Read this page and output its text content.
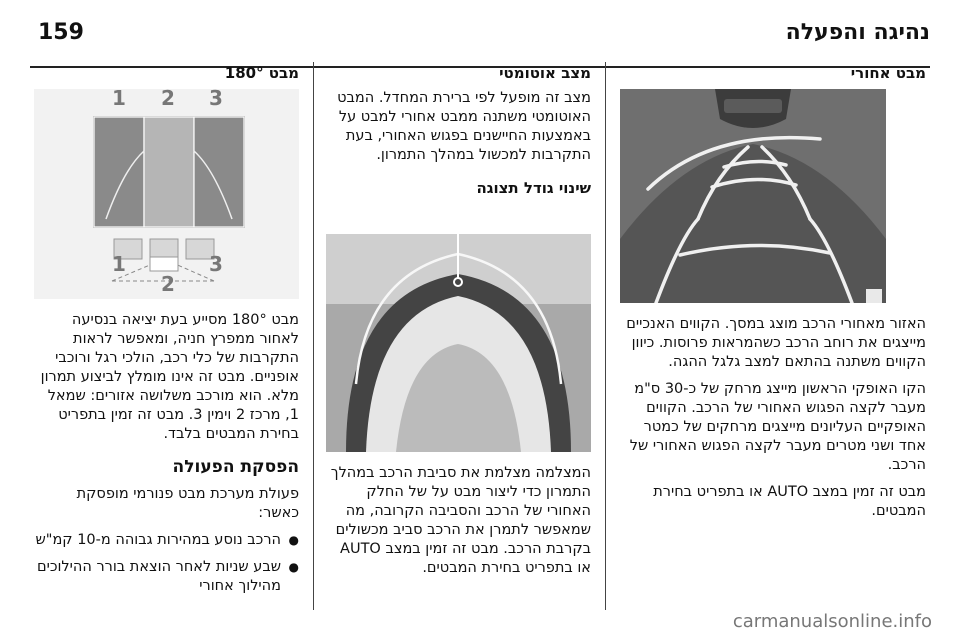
159	נהיגה והפעלה
מבט אחורי

האזור מאחורי הרכב מוצג במסך. הקווים האנכיים מייצגים את רוחב הרכב כשהמראות פרוסות. כיוון הקווים משתנה בהתאם למצב גלגל ההגה.

הקו האופקי הראשון מייצג מרחק של כ-30 ס"מ מעבר לקצה הפגוש האחורי של הרכב. הקווים האופקיים העליונים מייצגים מרחקים של כמטר אחד ושני מטרים מעבר לקצה הפגוש האחורי של הרכב.

מבט זה זמין במצב AUTO או בתפריט בחירת המבטים.

מצב אוטומטי

מצב זה מופעל לפי ברירת המחדל. המבט האוטומטי משתנה ממבט אחורי למבט על באמצעות החיישנים בפגוש האחורי, בעת התקרבות למכשול במהלך התמרון.

שינוי גודל תצוגה

המצלמה מצלמת את סביבת הרכב במהלך התמרון כדי ליצור מבט על של החלק האחורי של הרכב והסביבה הקרובה, מה שמאפשר לתמרן את הרכב סביב מכשולים בקרבת הרכב. מבט זה זמין במצב AUTO או בתפריט בחירת המבטים.

מבט 180°
1 2 3
1
2
3

מבט 180° מסייע בעת יציאה בנסיעה לאחור ממפרץ חניה, ומאפשר לראות התקרבות של כלי רכב, הולכי רגל ורוכבי אופניים. מבט זה אינו מומלץ לביצוע תמרון מלא. הוא מורכב משלושה אזורים: שמאל 1, מרכז 2 וימין 3. מבט זה זמין בתפריט בחירת המבטים בלבד.

הפסקת הפעולה

פעולת מערכת מבט פנורמי מופסקת כאשר:

● הרכב נוסע במהירות גבוהה מ-10 קמ"ש
● שבע שניות לאחר הוצאת בורר ההילוכים מהילוך אחורי
carmanualsonline.info
